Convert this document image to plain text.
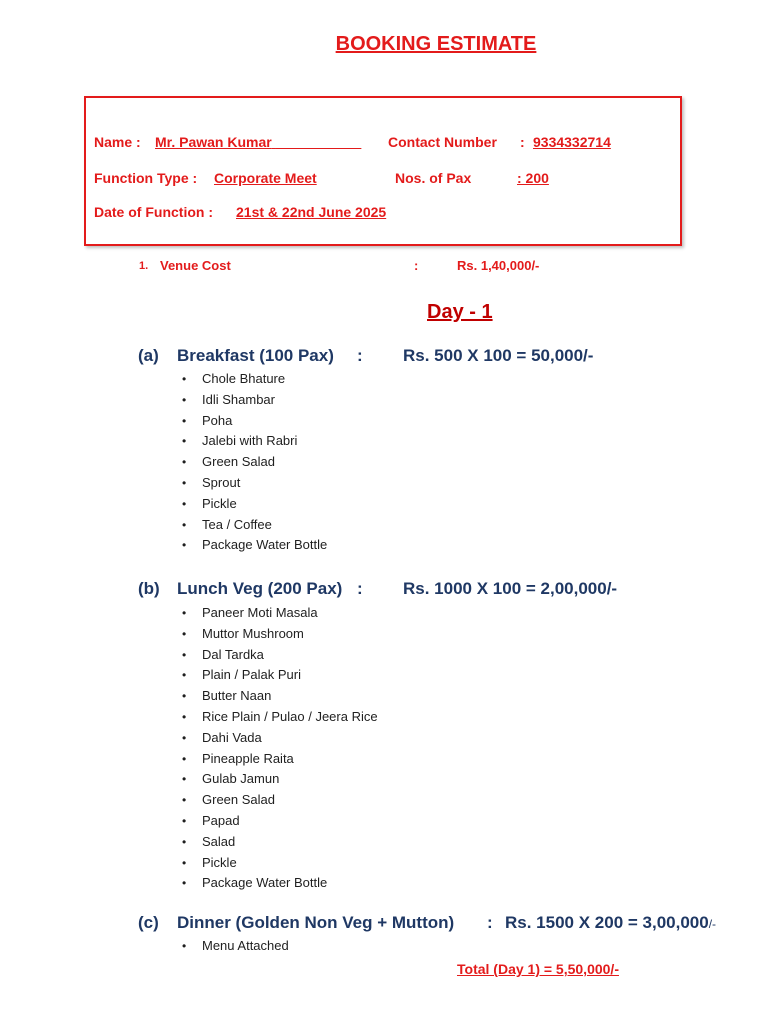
BOOKING ESTIMATE
Name : Mr. Pawan Kumar ___________ Contact Number : 9334332714
Function Type : Corporate Meet	Nos. of Pax	: 200
Date of Function : 21st & 22nd June 2025
1. Venue Cost	:	Rs. 1,40,000/-
Day - 1
(a) Breakfast (100 Pax) : Rs. 500 X 100 = 50,000/-
• Chole Bhature
• Idli Shambar
• Poha
• Jalebi with Rabri
• Green Salad
• Sprout
• Pickle
• Tea / Coffee
• Package Water Bottle
(b) Lunch Veg (200 Pax) : Rs. 1000 X 100 = 2,00,000/-
• Paneer Moti Masala
• Muttor Mushroom
• Dal Tardka
• Plain / Palak Puri
• Butter Naan
• Rice Plain / Pulao / Jeera Rice
• Dahi Vada
• Pineapple Raita
• Gulab Jamun
• Green Salad
• Papad
• Salad
• Pickle
• Package Water Bottle
(c) Dinner (Golden Non Veg + Mutton) : Rs. 1500 X 200 = 3,00,000/-
• Menu Attached
Total (Day 1) = 5,50,000/-
